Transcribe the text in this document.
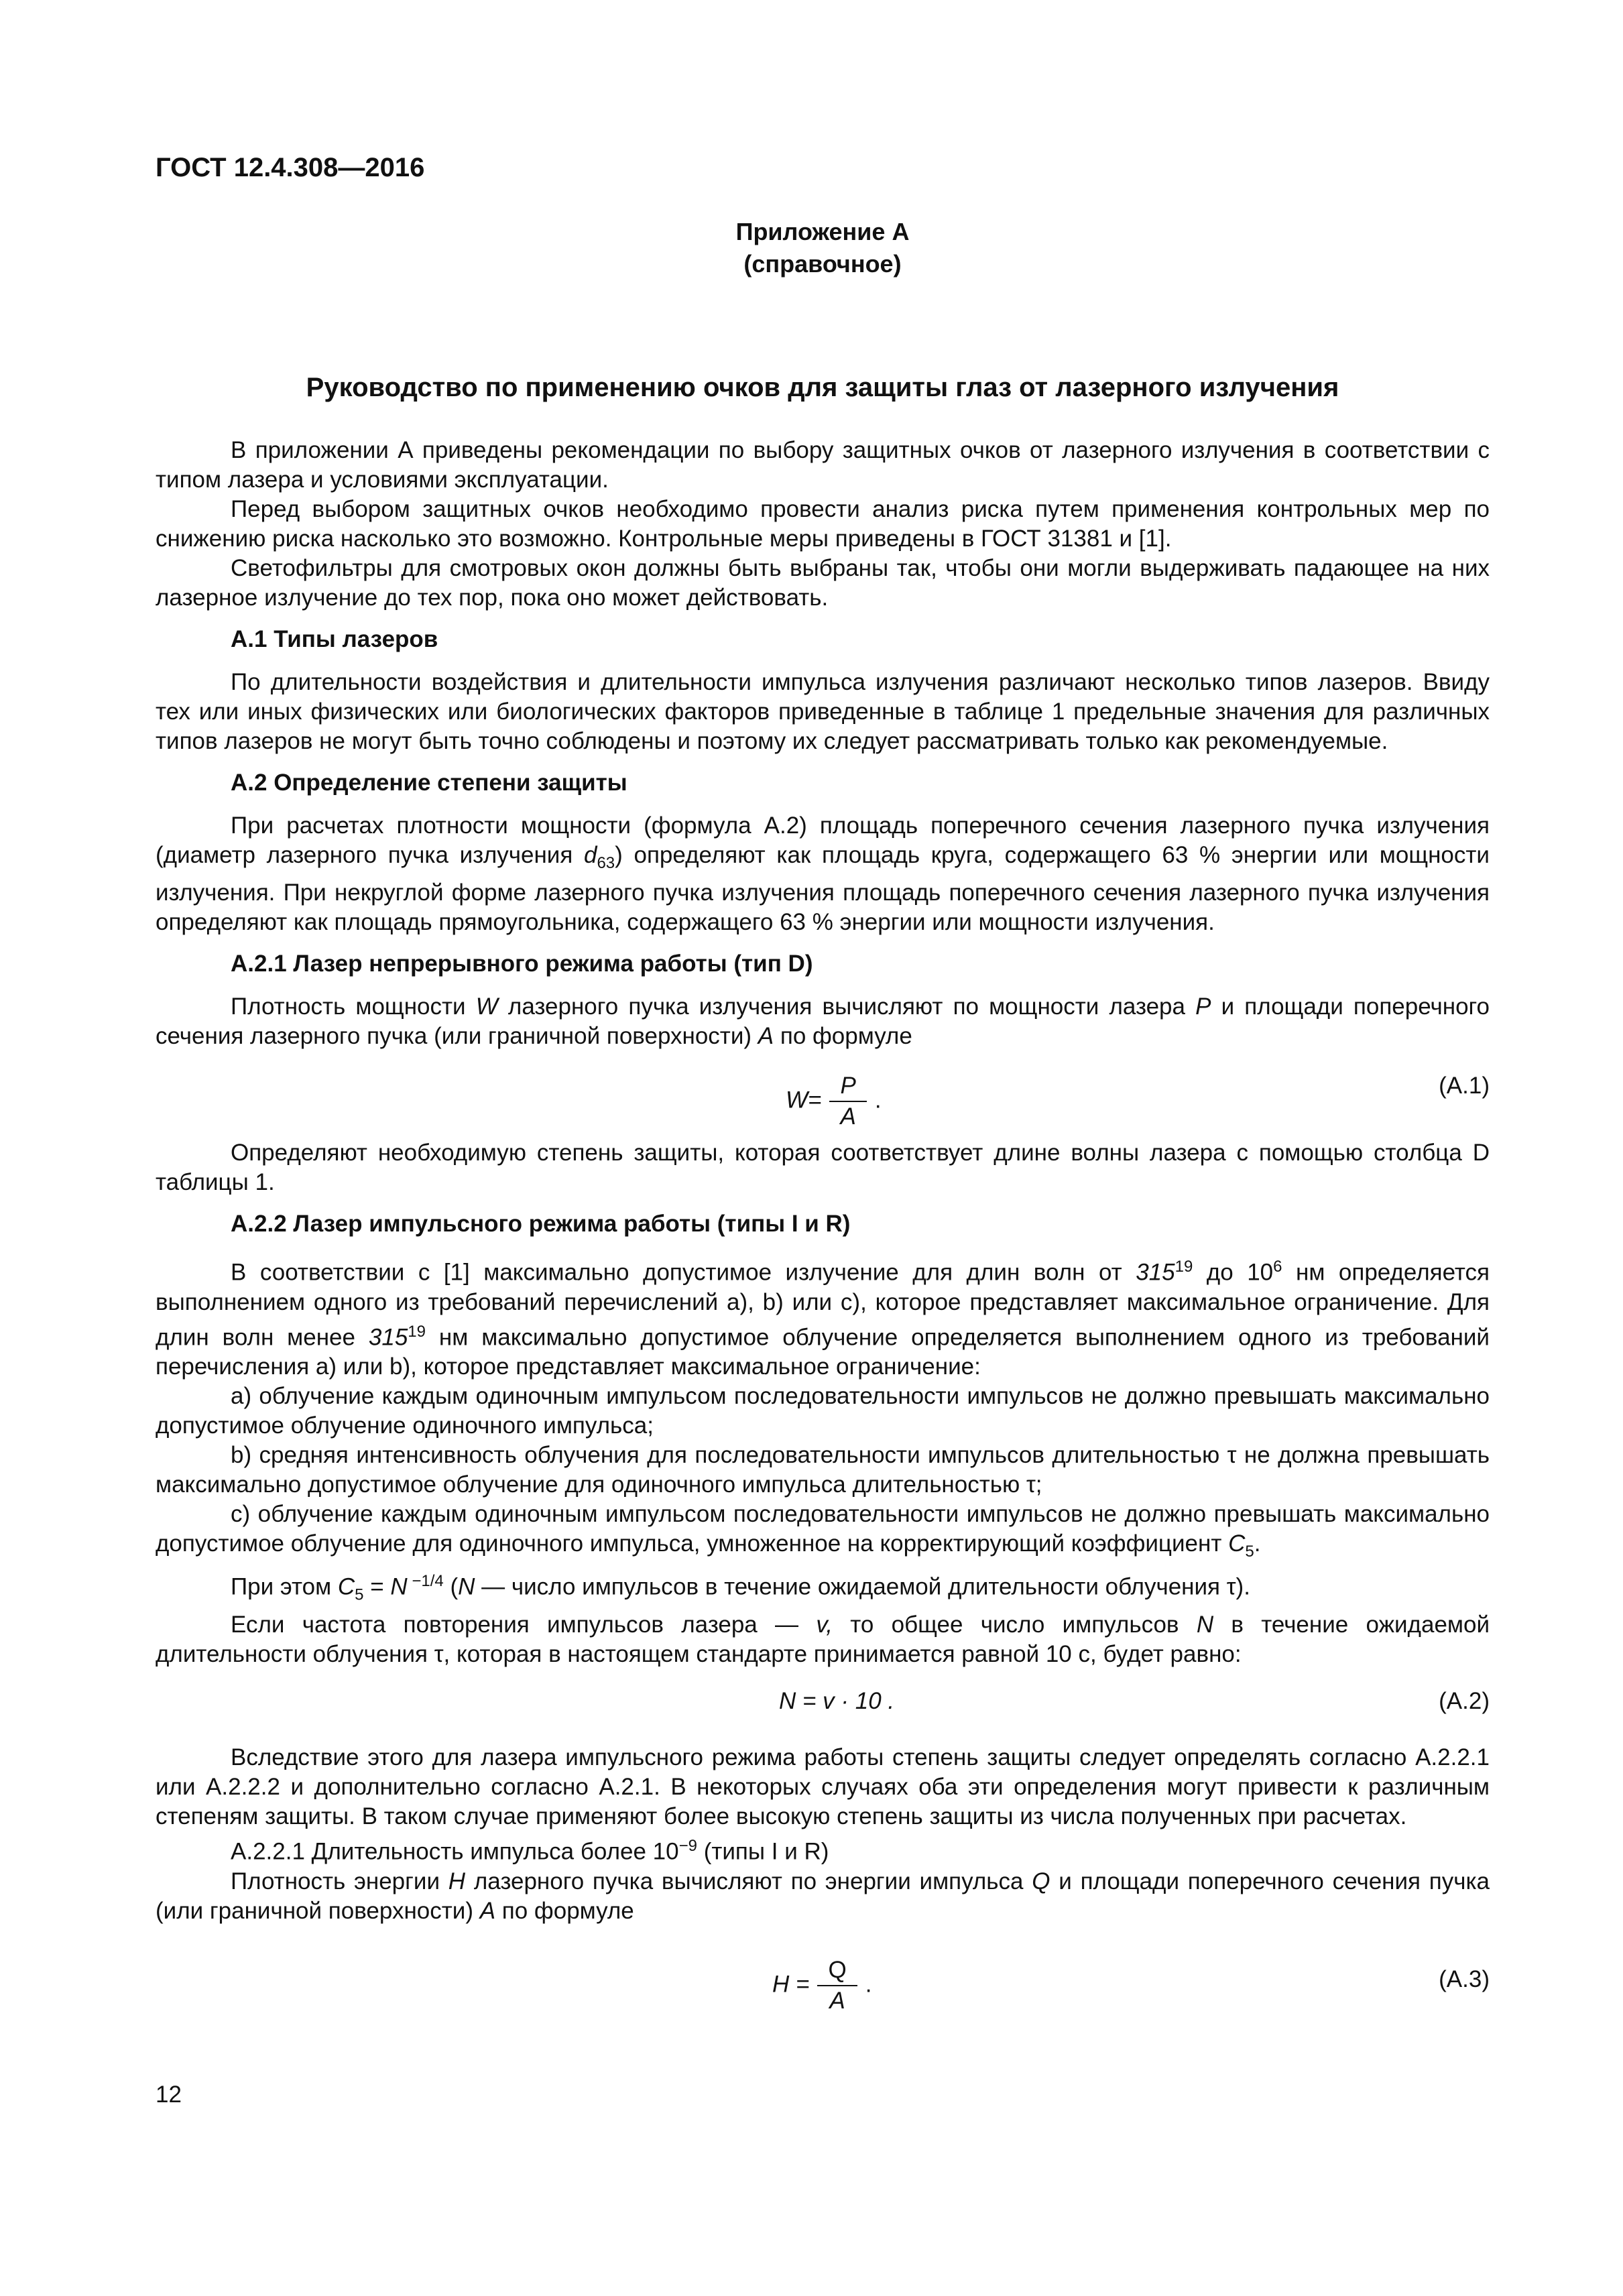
ГОСТ 12.4.308—2016
Приложение А
(справочное)
Руководство по применению очков для защиты глаз от лазерного излучения

В приложении А приведены рекомендации по выбору защитных очков от лазерного излучения в соответствии с типом лазера и условиями эксплуатации.

Перед выбором защитных очков необходимо провести анализ риска путем применения контрольных мер по снижению риска насколько это возможно. Контрольные меры приведены в ГОСТ 31381 и [1].

Светофильтры для смотровых окон должны быть выбраны так, чтобы они могли выдерживать падающее на них лазерное излучение до тех пор, пока оно может действовать.

А.1 Типы лазеров

По длительности воздействия и длительности импульса излучения различают несколько типов лазеров. Ввиду тех или иных физических или биологических факторов приведенные в таблице 1 предельные значения для различных типов лазеров не могут быть точно соблюдены и поэтому их следует рассматривать только как рекомендуемые.

А.2 Определение степени защиты

При расчетах плотности мощности (формула А.2) площадь поперечного сечения лазерного пучка излучения (диаметр лазерного пучка излучения $d_{63}$) определяют как площадь круга, содержащего 63 % энергии или мощности излучения. При некруглой форме лазерного пучка излучения площадь поперечного сечения лазерного пучка излучения определяют как площадь прямоугольника, содержащего 63 % энергии или мощности излучения.

А.2.1 Лазер непрерывного режима работы (тип D)

Плотность мощности W лазерного пучка излучения вычисляют по мощности лазера P и площади поперечного сечения лазерного пучка (или граничной поверхности) A по формуле

$W= \frac{P}{A}$ .
(А.1)

Определяют необходимую степень защиты, которая соответствует длине волны лазера с помощью столбца D таблицы 1.

А.2.2 Лазер импульсного режима работы (типы I и R)

В соответствии с [1] максимально допустимое излучение для длин волн от $315^{19}$ до $10^6$ нм определяется выполнением одного из требований перечислений а), b) или с), которое представляет максимальное ограничение. Для длин волн менее $315^{19}$ нм максимально допустимое облучение определяется выполнением одного из требований перечисления а) или b), которое представляет максимальное ограничение:

а) облучение каждым одиночным импульсом последовательности импульсов не должно превышать максимально допустимое облучение одиночного импульса;

b) средняя интенсивность облучения для последовательности импульсов длительностью τ не должна превышать максимально допустимое облучение для одиночного импульса длительностью τ;

с) облучение каждым одиночным импульсом последовательности импульсов не должно превышать максимально допустимое облучение для одиночного импульса, умноженное на корректирующий коэффициент $C_5$.

При этом $C_5 = N$ $^{-1/4}$ (N — число импульсов в течение ожидаемой длительности облучения τ).

Если частота повторения импульсов лазера — v, то общее число импульсов N в течение ожидаемой длительности облучения τ, которая в настоящем стандарте принимается равной 10 с, будет равно:

N = v · 10 .	(А.2)

Вследствие этого для лазера импульсного режима работы степень защиты следует определять согласно А.2.2.1 или А.2.2.2 и дополнительно согласно А.2.1. В некоторых случаях оба эти определения могут привести к различным степеням защиты. В таком случае применяют более высокую степень защиты из числа полученных при расчетах.

А.2.2.1 Длительность импульса более $10^{-9}$ (типы I и R)

Плотность энергии H лазерного пучка вычисляют по энергии импульса Q и площади поперечного сечения пучка (или граничной поверхности) A по формуле

$H = \frac{Q}{A}$ .	(А.3)
12
